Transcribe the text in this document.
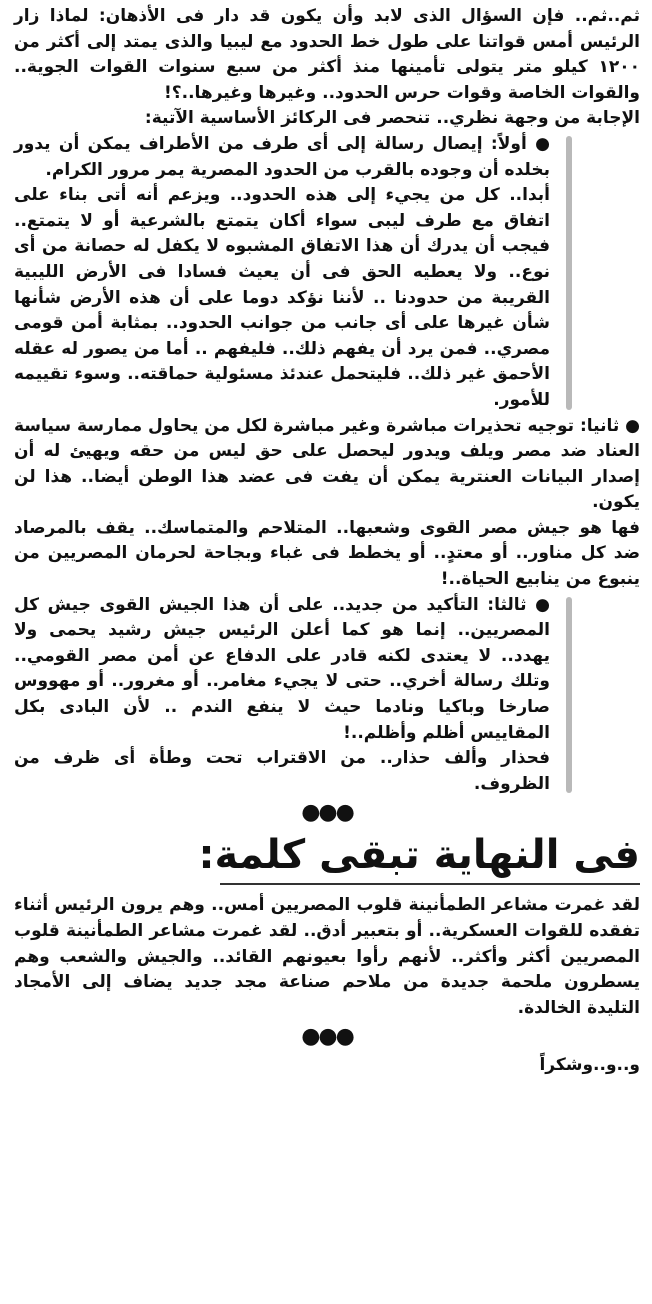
ثم..ثم.. فإن السؤال الذى لابد وأن يكون قد دار فى الأذهان: لماذا زار الرئيس أمس قواتنا على طول خط الحدود مع ليبيا والذى يمتد إلى أكثر من ١٢٠٠ كيلو متر يتولى تأمينها منذ أكثر من سبع سنوات القوات الجوية.. والقوات الخاصة وقوات حرس الحدود.. وغيرها وغيرها..؟!

الإجابة من وجهة نظري.. تنحصر فى الركائز الأساسية الآتية:

● أولاً: إيصال رسالة إلى أى طرف من الأطراف يمكن أن يدور بخلده أن وجوده بالقرب من الحدود المصرية يمر مرور الكرام.

أبدا.. كل من يجيء إلى هذه الحدود.. ويزعم أنه أتى بناء على اتفاق مع طرف ليبى سواء أكان يتمتع بالشرعية أو لا يتمتع.. فيجب أن يدرك أن هذا الاتفاق المشبوه لا يكفل له حصانة من أى نوع.. ولا يعطيه الحق فى أن يعيث فسادا فى الأرض الليبية القريبة من حدودنا .. لأننا نؤكد دوما على أن هذه الأرض شأنها شأن غيرها على أى جانب من جوانب الحدود.. بمثابة أمن قومى مصري.. فمن يرد أن يفهم ذلك.. فليفهم .. أما من يصور له عقله الأحمق غير ذلك.. فليتحمل عندئذ مسئولية حماقته.. وسوء تقييمه للأمور.

● ثانيا: توجيه تحذيرات مباشرة وغير مباشرة لكل من يحاول ممارسة سياسة العناد ضد مصر ويلف ويدور ليحصل على حق ليس من حقه ويهيئ له أن إصدار البيانات العنترية يمكن أن يفت فى عضد هذا الوطن أيضا.. هذا لن يكون.

فها هو جيش مصر القوى وشعبها.. المتلاحم والمتماسك.. يقف بالمرصاد ضد كل مناور.. أو معتدٍ.. أو يخطط فى غباء وبجاحة لحرمان المصريين من ينبوع من ينابيع الحياة..!

● ثالثا: التأكيد من جديد.. على أن هذا الجيش القوى جيش كل المصريين.. إنما هو كما أعلن الرئيس جيش رشيد يحمى ولا يهدد.. لا يعتدى لكنه قادر على الدفاع عن أمن مصر القومي.. وتلك رسالة أخري.. حتى لا يجيء مغامر.. أو مغرور.. أو مهووس صارخا وباكيا ونادما حيث لا ينفع الندم .. لأن البادى بكل المقاييس أظلم وأظلم..!

فحذار وألف حذار.. من الاقتراب تحت وطأة أى ظرف من الظروف.

●●●
فى النهاية تبقى كلمة:

لقد غمرت مشاعر الطمأنينة قلوب المصريين أمس.. وهم يرون الرئيس أثناء تفقده للقوات العسكرية.. أو بتعبير أدق.. لقد غمرت مشاعر الطمأنينة قلوب المصريين أكثر وأكثر.. لأنهم رأوا بعيونهم القائد.. والجيش والشعب وهم يسطرون ملحمة جديدة من ملاحم صناعة مجد جديد يضاف إلى الأمجاد التليدة الخالدة.

●●●

و..و..وشكراً
